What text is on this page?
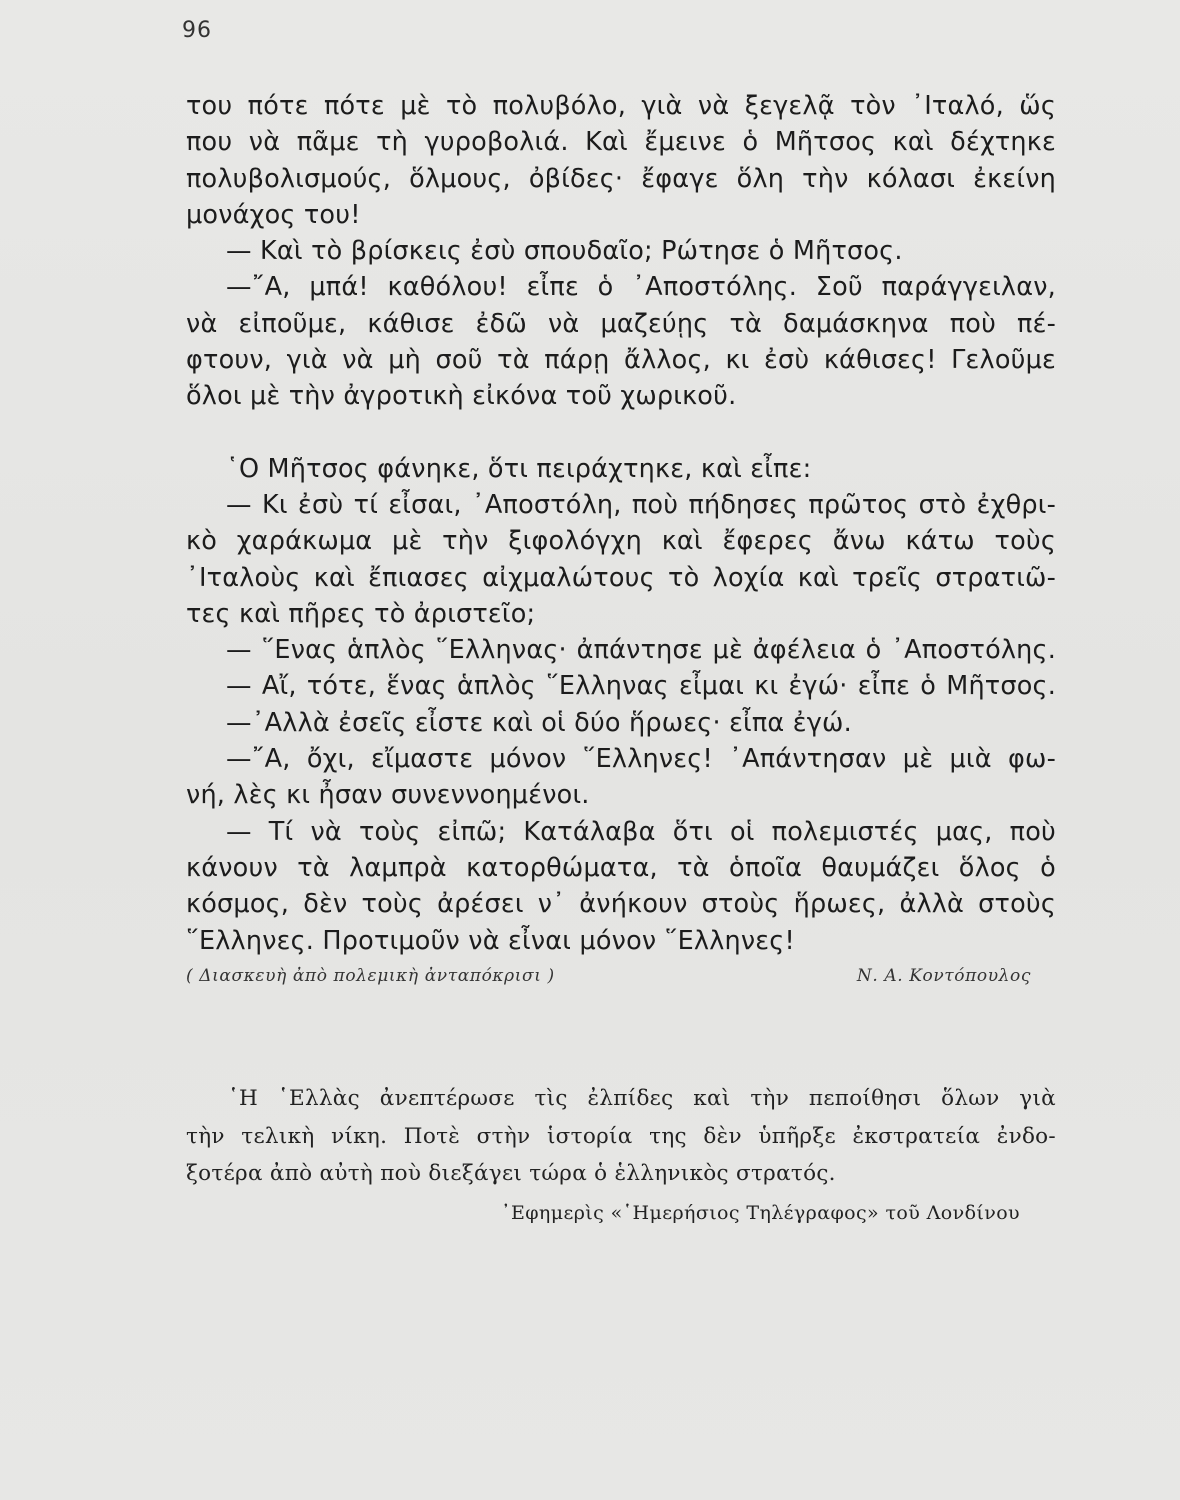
96

του πότε πότε μὲ τὸ πολυβόλο, γιὰ νὰ ξεγελᾷ τὸν ᾿Ιταλό, ὥς

που νὰ πᾶμε τὴ γυροβολιά. Καὶ ἔμεινε ὁ Μῆτσος καὶ δέχτηκε

πολυβολισμούς, ὅλμους, ὀβίδες· ἔφαγε ὅλη τὴν κόλασι ἐκείνη

μονάχος του!

— Καὶ τὸ βρίσκεις ἐσὺ σπουδαῖο; Ρώτησε ὁ Μῆτσος.

—῎Α, μπά! καθόλου! εἶπε ὁ ᾿Αποστόλης. Σοῦ παράγγειλαν,

νὰ εἰποῦμε, κάθισε ἐδῶ νὰ μαζεύῃς τὰ δαμάσκηνα ποὺ πέ-

φτουν, γιὰ νὰ μὴ σοῦ τὰ πάρῃ ἄλλος, κι ἐσὺ κάθισες! Γελοῦμε

ὅλοι μὲ τὴν ἀγροτικὴ εἰκόνα τοῦ χωρικοῦ.

῾Ο Μῆτσος φάνηκε, ὅτι πειράχτηκε, καὶ εἶπε:

— Κι ἐσὺ τί εἶσαι, ᾿Αποστόλη, ποὺ πήδησες πρῶτος στὸ ἐχθρι-

κὸ χαράκωμα μὲ τὴν ξιφολόγχη καὶ ἔφερες ἄνω κάτω τοὺς

᾿Ιταλοὺς καὶ ἔπιασες αἰχμαλώτους τὸ λοχία καὶ τρεῖς στρατιῶ-

τες καὶ πῆρες τὸ ἀριστεῖο;

— ῞Ενας ἁπλὸς ῞Ελληνας· ἀπάντησε μὲ ἀφέλεια ὁ ᾿Αποστόλης.

— Αἴ, τότε, ἕνας ἁπλὸς ῞Ελληνας εἶμαι κι ἐγώ· εἶπε ὁ Μῆτσος.

—᾿Αλλὰ ἐσεῖς εἶστε καὶ οἱ δύο ἥρωες· εἶπα ἐγώ.

—῎Α, ὄχι, εἴμαστε μόνον ῞Ελληνες! ᾿Απάντησαν μὲ μιὰ φω-

νή, λὲς κι ἦσαν συνεννοημένοι.

— Τί νὰ τοὺς εἰπῶ; Κατάλαβα ὅτι οἱ πολεμιστές μας, ποὺ

κάνουν τὰ λαμπρὰ κατορθώματα, τὰ ὁποῖα θαυμάζει ὅλος ὁ

κόσμος, δὲν τοὺς ἀρέσει ν᾿ ἀνήκουν στοὺς ἥρωες, ἀλλὰ στοὺς

῞Ελληνες. Προτιμοῦν νὰ εἶναι μόνον ῞Ελληνες!

( Διασκευὴ ἀπὸ πολεμικὴ ἀνταπόκρισι )	Ν. Α. Κοντόπουλος

῾Η ῾Ελλὰς ἀνεπτέρωσε τὶς ἐλπίδες καὶ τὴν πεποίθησι ὅλων γιὰ

τὴν τελικὴ νίκη. Ποτὲ στὴν ἱστορία της δὲν ὑπῆρξε ἐκστρατεία ἐνδο-

ξοτέρα ἀπὸ αὐτὴ ποὺ διεξάγει τώρα ὁ ἑλληνικὸς στρατός.

᾿Εφημερὶς «῾Ημερήσιος Τηλέγραφος» τοῦ Λονδίνου
